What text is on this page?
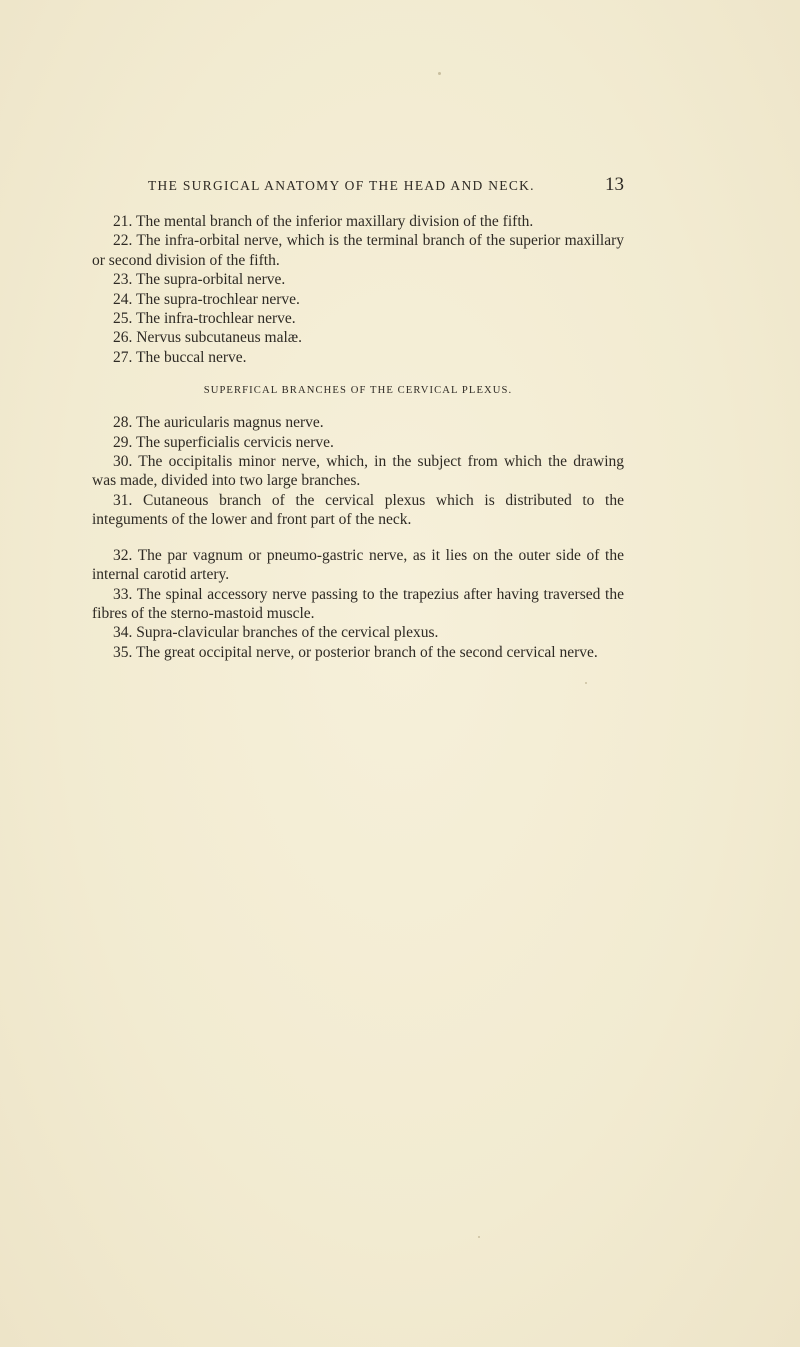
THE SURGICAL ANATOMY OF THE HEAD AND NECK.	13

21. The mental branch of the inferior maxillary division of the fifth.

22. The infra-orbital nerve, which is the terminal branch of the superior maxillary or second division of the fifth.

23. The supra-orbital nerve.

24. The supra-trochlear nerve.

25. The infra-trochlear nerve.

26. Nervus subcutaneus malæ.

27. The buccal nerve.

SUPERFICAL BRANCHES OF THE CERVICAL PLEXUS.

28. The auricularis magnus nerve.

29. The superficialis cervicis nerve.

30. The occipitalis minor nerve, which, in the subject from which the drawing was made, divided into two large branches.

31. Cutaneous branch of the cervical plexus which is distributed to the integuments of the lower and front part of the neck.

32. The par vagnum or pneumo-gastric nerve, as it lies on the outer side of the internal carotid artery.

33. The spinal accessory nerve passing to the trapezius after having traversed the fibres of the sterno-mastoid muscle.

34. Supra-clavicular branches of the cervical plexus.

35. The great occipital nerve, or posterior branch of the second cervical nerve.
